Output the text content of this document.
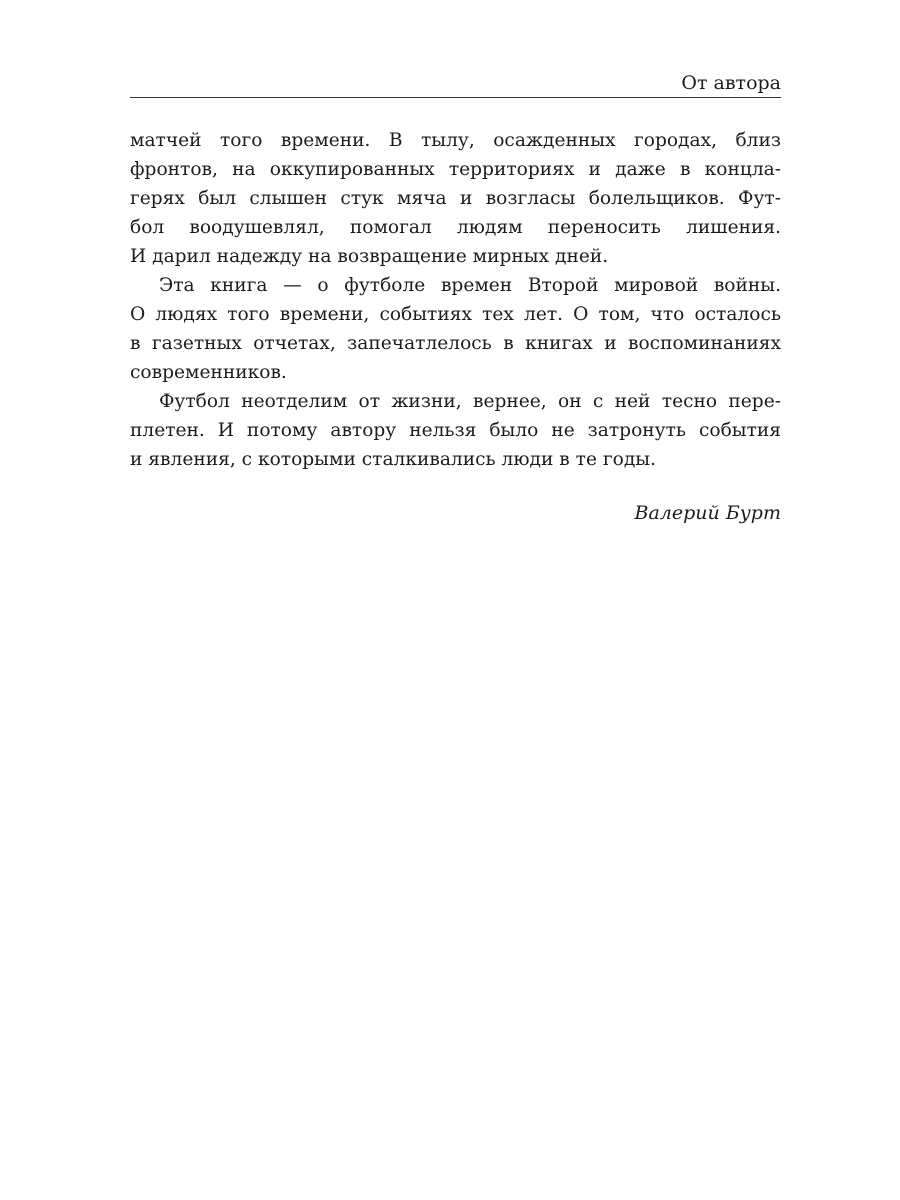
От автора
матчей того времени. В тылу, осажденных городах, близ
фронтов, на оккупированных территориях и даже в концла-
герях был слышен стук мяча и возгласы болельщиков. Фут-
бол воодушевлял, помогал людям переносить лишения.
И дарил надежду на возвращение мирных дней.
Эта книга — о футболе времен Второй мировой войны.
О людях того времени, событиях тех лет. О том, что осталось
в газетных отчетах, запечатлелось в книгах и воспоминаниях
современников.
Футбол неотделим от жизни, вернее, он с ней тесно пере-
плетен. И потому автору нельзя было не затронуть события
и явления, с которыми сталкивались люди в те годы.
Валерий Бурт
